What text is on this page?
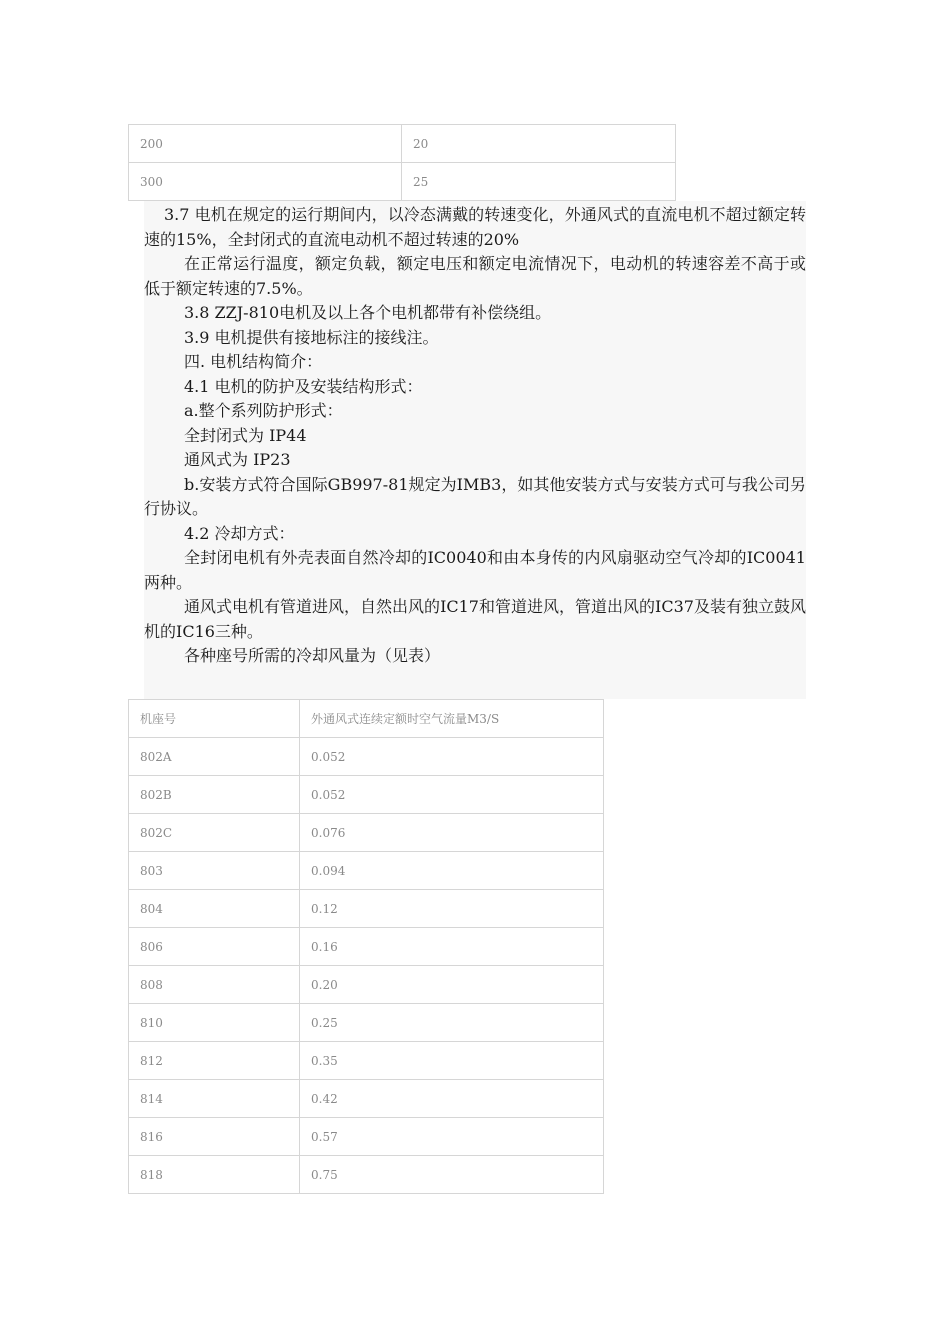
200	20
300	25

3.7 电机在规定的运行期间内，以冷态满戴的转速变化，外通风式的直流电机不超过额定转速的15%，全封闭式的直流电动机不超过转速的20%

在正常运行温度，额定负载，额定电压和额定电流情况下，电动机的转速容差不高于或低于额定转速的7.5%。

3.8 ZZJ-810电机及以上各个电机都带有补偿绕组。

3.9 电机提供有接地标注的接线注。

四. 电机结构简介：

4.1 电机的防护及安装结构形式：

a.整个系列防护形式：

全封闭式为 IP44

通风式为 IP23

b.安装方式符合国际GB997-81规定为IMB3，如其他安装方式与安装方式可与我公司另行协议。

4.2 冷却方式：

全封闭电机有外壳表面自然冷却的IC0040和由本身传的内风扇驱动空气冷却的IC0041两种。

通风式电机有管道进风，自然出风的IC17和管道进风，管道出风的IC37及装有独立鼓风机的IC16三种。

各种座号所需的冷却风量为（见表）

机座号	外通风式连续定额时空气流量M3/S
802A	0.052
802B	0.052
802C	0.076
803	0.094
804	0.12
806	0.16
808	0.20
810	0.25
812	0.35
814	0.42
816	0.57
818	0.75
